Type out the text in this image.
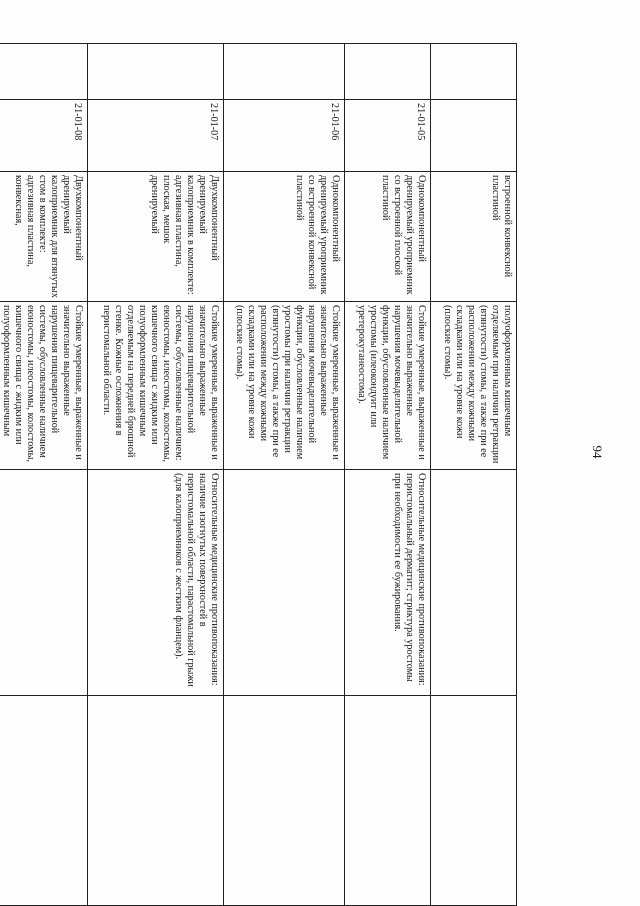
94
		встроенной конвексной пластиной	полуоформленным кишечным отделяемым при наличии ретракции (втянутости) стомы, а также при ее расположении между кожными складками или на уровне кожи (плоские стомы).		
	21-01-05	Однокомпонентный дренируемый уроприемник со встроенной плоской пластиной	Стойкие умеренные, выраженные и значительно выраженные нарушения мочевыделительной функции, обусловленные наличием уростомы (илеокондуит или уретерокутанеостома).	Относительные медицинские противопоказания: перистомальный дерматит; стриктура уростомы при необходимости ее бужирования.	
	21-01-06	Однокомпонентный дренируемый уроприемник со встроенной конвексной пластиной	Стойкие умеренные, выраженные и значительно выраженные нарушения мочевыделительной функции, обусловленные наличием уростомы при наличии ретракции (втянутости) стомы, а также при ее расположении между кожными складками или на уровне кожи (плоские стомы).		
	21-01-07	Двухкомпонентный дренируемый калоприемник в комплекте: адгезивная пластина, плоская, мешок дренируемый	Стойкие умеренные, выраженные и значительно выраженные нарушения пищеварительной системы, обусловленные наличием: еюностомы, илеостомы, колостомы, кишечного свища с жидким или полуоформленным кишечным отделяемым на передней брюшной стенке. Кожные осложнения в перистомальной области.	Относительные медицинские противопоказания: наличие изогнутых поверхностей в перистомальной области, парастомальной грыжи (для калоприемников с жестким фланцем).	
	21-01-08	Двухкомпонентный дренируемый калоприемник для втянутых стом в комплекте: адгезивная пластина, конвексная,	Стойкие умеренные, выраженные и значительно выраженные нарушения пищеварительной системы, обусловленные наличием еюностомы, илеостомы, колостомы, кишечного свища с жидким или полуоформленным кишечным		
